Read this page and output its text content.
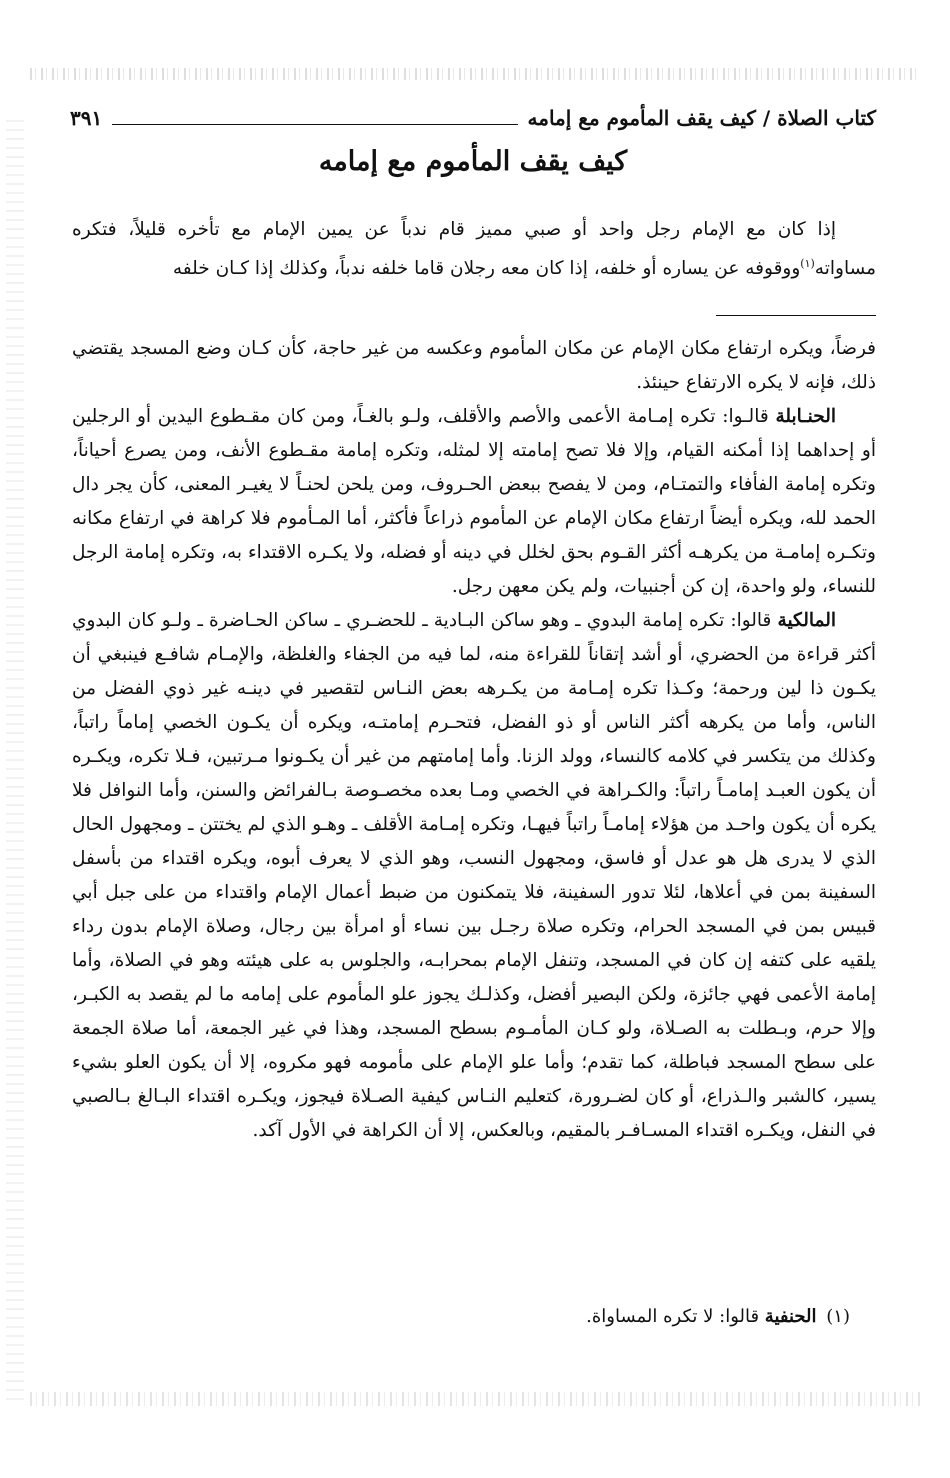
كتاب الصلاة / كيف يقف المأموم مع إمامه
٣٩١
كيف يقف المأموم مع إمامه
إذا كان مع الإمام رجل واحد أو صبي مميز قام ندباً عن يمين الإمام مع تأخره قليلاً، فتكره مساواته$^{(١)}$ووقوفه عن يساره أو خلفه، إذا كان معه رجلان قاما خلفه ندباً، وكذلك إذا كـان خلفه

فرضاً، ويكره ارتفاع مكان الإمام عن مكان المأموم وعكسه من غير حاجة، كأن كـان وضع المسجد يقتضي ذلك، فإنه لا يكره الارتفاع حينئذ.

الحنـابلة قالـوا: تكره إمـامة الأعمى والأصم والأقلف، ولـو بالغـاً، ومن كان مقـطوع اليدين أو الرجلين أو إحداهما إذا أمكنه القيام، وإلا فلا تصح إمامته إلا لمثله، وتكره إمامة مقـطوع الأنف، ومن يصرع أحياناً، وتكره إمامة الفأفاء والتمتـام، ومن لا يفصح ببعض الحـروف، ومن يلحن لحنـاً لا يغيـر المعنى، كأن يجر دال الحمد لله، ويكره أيضاً ارتفاع مكان الإمام عن المأموم ذراعاً فأكثر، أما المـأموم فلا كراهة في ارتفاع مكانه وتكـره إمامـة من يكرهـه أكثر القـوم بحق لخلل في دينه أو فضله، ولا يكـره الاقتداء به، وتكره إمامة الرجل للنساء، ولو واحدة، إن كن أجنبيات، ولم يكن معهن رجل.

المالكية قالوا: تكره إمامة البدوي ـ وهو ساكن البـادية ـ للحضـري ـ ساكن الحـاضرة ـ ولـو كان البدوي أكثر قراءة من الحضري، أو أشد إتقاناً للقراءة منه، لما فيه من الجفاء والغلظة، والإمـام شافـع فينبغي أن يكـون ذا لين ورحمة؛ وكـذا تكره إمـامة من يكـرهه بعض النـاس لتقصير في دينـه غير ذوي الفضل من الناس، وأما من يكرهه أكثر الناس أو ذو الفضل، فتحـرم إمامتـه، ويكره أن يكـون الخصي إماماً راتباً، وكذلك من يتكسر في كلامه كالنساء، وولد الزنا. وأما إمامتهم من غير أن يكـونوا مـرتبين، فـلا تكره، ويكـره أن يكون العبـد إمامـاً راتباً: والكـراهة في الخصي ومـا بعده مخصـوصة بـالفرائض والسنن، وأما النوافل فلا يكره أن يكون واحـد من هؤلاء إمامـاً راتباً فيهـا، وتكره إمـامة الأقلف ـ وهـو الذي لم يختتن ـ ومجهول الحال الذي لا يدرى هل هو عدل أو فاسق، ومجهول النسب، وهو الذي لا يعرف أبوه، ويكره اقتداء من بأسفل السفينة بمن في أعلاها، لئلا تدور السفينة، فلا يتمكنون من ضبط أعمال الإمام واقتداء من على جبل أبي قبيس بمن في المسجد الحرام، وتكره صلاة رجـل بين نساء أو امرأة بين رجال، وصلاة الإمام بدون رداء يلقيه على كتفه إن كان في المسجد، وتنفل الإمام بمحرابـه، والجلوس به على هيئته وهو في الصلاة، وأما إمامة الأعمى فهي جائزة، ولكن البصير أفضل، وكذلـك يجوز علو المأموم على إمامه ما لم يقصد به الكبـر، وإلا حرم، وبـطلت به الصـلاة، ولو كـان المأمـوم بسطح المسجد، وهذا في غير الجمعة، أما صلاة الجمعة على سطح المسجد فباطلة، كما تقدم؛ وأما علو الإمام على مأمومه فهو مكروه، إلا أن يكون العلو بشيء يسير، كالشبر والـذراع، أو كان لضـرورة، كتعليم النـاس كيفية الصـلاة فيجوز، ويكـره اقتداء البـالغ بـالصبي في النفل، ويكـره اقتداء المسـافـر بالمقيم، وبالعكس، إلا أن الكراهة في الأول آكد.

(١) الحنفية قالوا: لا تكره المساواة.
